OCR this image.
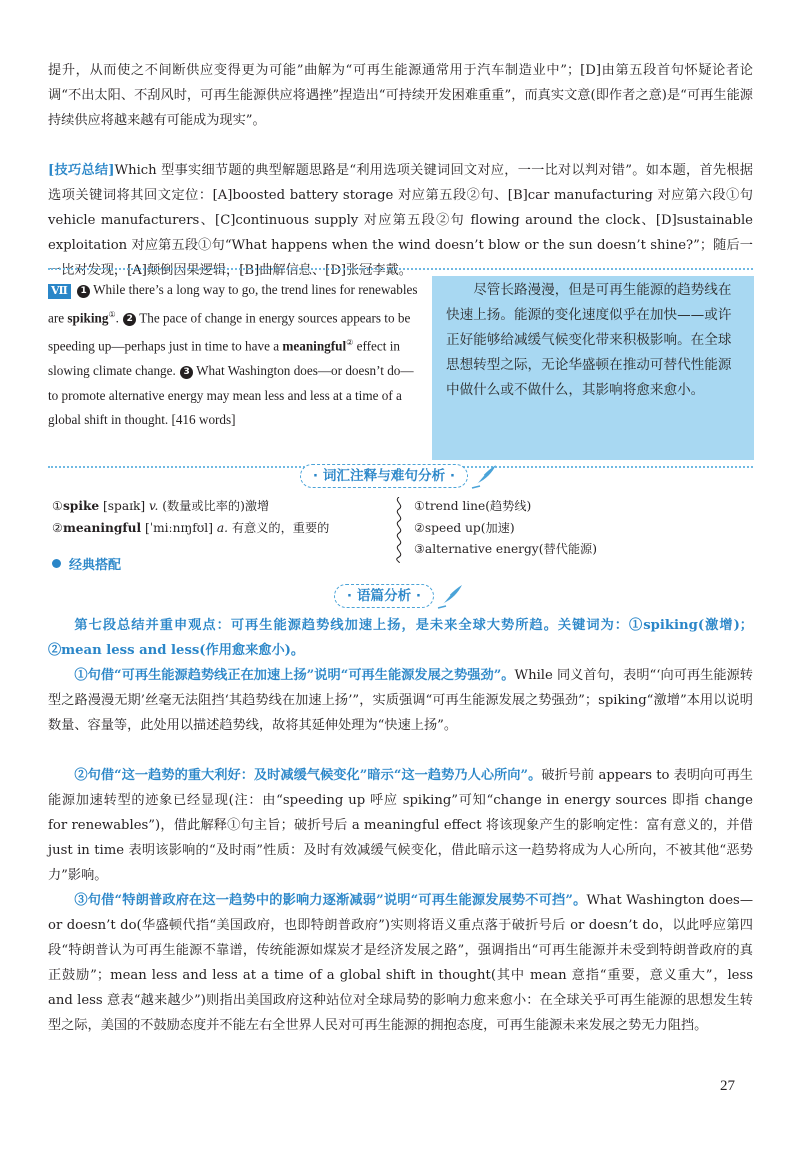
提升，从而使之不间断供应变得更为可能”曲解为“可再生能源通常用于汽车制造业中”；[D]由第五段首句怀疑论者论调“不出太阳、不刮风时，可再生能源供应将遇挫”捏造出“可持续开发困难重重”，而真实文意(即作者之意)是“可再生能源持续供应将越来越有可能成为现实”。

[技巧总结]Which 型事实细节题的典型解题思路是“利用选项关键词回文对应，一一比对以判对错”。如本题，首先根据选项关键词将其回文定位：[A]boosted battery storage 对应第五段②句、[B]car manufacturing 对应第六段①句 vehicle manufacturers、[C]continuous supply 对应第五段②句 flowing around the clock、[D]sustainable exploitation 对应第五段①句“What happens when the wind doesn’t blow or the sun doesn’t shine?”；随后一一比对发现，[A]颠倒因果逻辑，[B]曲解信息、[D]张冠李戴。

Ⅶ 1 While there’s a long way to go, the trend lines for renewables are spiking①. 2 The pace of change in energy sources appears to be speeding up—perhaps just in time to have a meaningful② effect in slowing climate change. 3 What Washington does—or doesn’t do—to promote alternative energy may mean less and less at a time of a global shift in thought. [416 words]

尽管长路漫漫，但是可再生能源的趋势线在快速上扬。能源的变化速度似乎在加快——或许正好能够给减缓气候变化带来积极影响。在全球思想转型之际，无论华盛顿在推动可替代性能源中做什么或不做什么，其影响将愈来愈小。

· 词汇注释与难句分析 ·
①spike [spaɪk] v. (数量或比率的)激增
②meaningful [ˈmiːnɪŋfʊl] a. 有意义的，重要的
①trend line(趋势线)
②speed up(加速)
③alternative energy(替代能源)
经典搭配
· 语篇分析 ·

第七段总结并重申观点：可再生能源趋势线加速上扬，是未来全球大势所趋。关键词为：①spiking(激增)；②mean less and less(作用愈来愈小)。

①句借“可再生能源趋势线正在加速上扬”说明“可再生能源发展之势强劲”。While 同义首句，表明“‘向可再生能源转型之路漫漫无期’丝毫无法阻挡‘其趋势线在加速上扬’”，实质强调“可再生能源发展之势强劲”；spiking“激增”本用以说明数量、容量等，此处用以描述趋势线，故将其延伸处理为“快速上扬”。

②句借“这一趋势的重大利好：及时减缓气候变化”暗示“这一趋势乃人心所向”。破折号前 appears to 表明向可再生能源加速转型的迹象已经显现(注：由“speeding up 呼应 spiking”可知“change in energy sources 即指 change for renewables”)，借此解释①句主旨；破折号后 a meaningful effect 将该现象产生的影响定性：富有意义的，并借 just in time 表明该影响的“及时雨”性质：及时有效减缓气候变化，借此暗示这一趋势将成为人心所向，不被其他“恶势力”影响。

③句借“特朗普政府在这一趋势中的影响力逐渐减弱”说明“可再生能源发展势不可挡”。What Washington does—or doesn’t do(华盛顿代指“美国政府，也即特朗普政府”)实则将语义重点落于破折号后 or doesn’t do，以此呼应第四段“特朗普认为可再生能源不靠谱，传统能源如煤炭才是经济发展之路”，强调指出“可再生能源并未受到特朗普政府的真正鼓励”；mean less and less at a time of a global shift in thought(其中 mean 意指“重要，意义重大”，less and less 意表“越来越少”)则指出美国政府这种站位对全球局势的影响力愈来愈小：在全球关乎可再生能源的思想发生转型之际，美国的不鼓励态度并不能左右全世界人民对可再生能源的拥抱态度，可再生能源未来发展之势无力阻挡。

27
